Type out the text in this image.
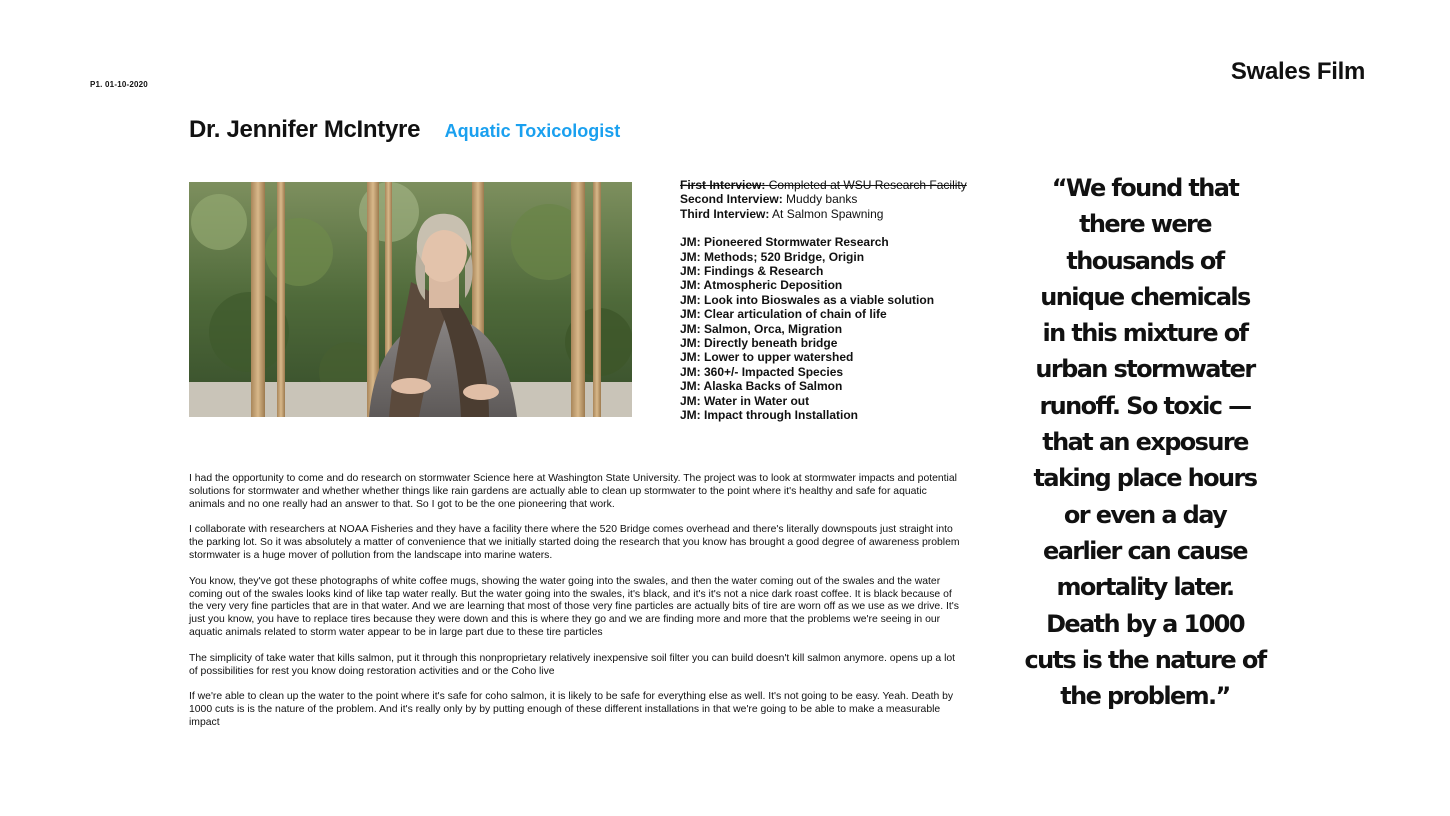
P1. 01-10-2020	Swales Film
Dr. Jennifer McIntyre Aquatic Toxicologist
First Interview: Completed at WSU Research Facility
Second Interview: Muddy banks
Third Interview: At Salmon Spawning
JM: Pioneered Stormwater Research
JM: Methods; 520 Bridge, Origin
JM: Findings & Research
JM: Atmospheric Deposition
JM: Look into Bioswales as a viable solution
JM: Clear articulation of chain of life
JM: Salmon, Orca, Migration
JM: Directly beneath bridge
JM: Lower to upper watershed
JM: 360+/- Impacted Species
JM: Alaska Backs of Salmon
JM: Water in Water out
JM: Impact through Installation

I had the opportunity to come and do research on stormwater Science here at Washington State University. The project was to look at stormwater impacts and potential solutions for stormwater and whether whether things like rain gardens are actually able to clean up stormwater to the point where it's healthy and safe for aquatic animals and no one really had an answer to that. So I got to be the one pioneering that work.

I collaborate with researchers at NOAA Fisheries and they have a facility there where the 520 Bridge comes overhead and there's literally downspouts just straight into the parking lot. So it was absolutely a matter of convenience that we initially started doing the research that you know has brought a good degree of awareness problem stormwater is a huge mover of pollution from the landscape into marine waters.

You know, they've got these photographs of white coffee mugs, showing the water going into the swales, and then the water coming out of the swales and the water coming out of the swales looks kind of like tap water really. But the water going into the swales, it's black, and it's it's not a nice dark roast coffee. It is black because of the very very fine particles that are in that water. And we are learning that most of those very fine particles are actually bits of tire are worn off as we use as we drive. It's just you know, you have to replace tires because they were down and this is where they go and we are finding more and more that the problems we're seeing in our aquatic animals related to storm water appear to be in large part due to these tire particles

The simplicity of take water that kills salmon, put it through this nonproprietary relatively inexpensive soil filter you can build doesn't kill salmon anymore. opens up a lot of possibilities for rest you know doing restoration activities and or the Coho live

If we're able to clean up the water to the point where it's safe for coho salmon, it is likely to be safe for everything else as well. It's not going to be easy. Yeah. Death by 1000 cuts is is the nature of the problem. And it's really only by by putting enough of these different installations in that we're going to be able to make a measurable impact

“We found that
there were
thousands of
unique chemicals
in this mixture of
urban stormwater
runoff. So toxic —
that an exposure
taking place hours
or even a day
earlier can cause
mortality later.
Death by a 1000
cuts is the nature of
the problem.”
